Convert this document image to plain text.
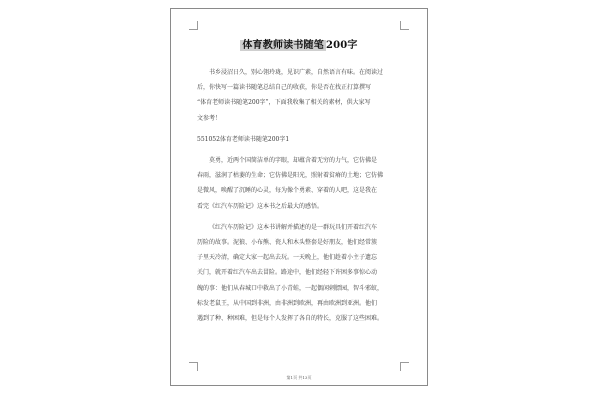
体育教师读书随笔 200字

书乡浸沼日久，别心翎玲珑，见识广素，自然语言有味。在阅读过
后，你快写一篇读书随笔总结自己的收获，你是否在找正打算撰写
“体育老师读书随笔200字”，下面我收集了相关的素材，供大家写
文参考！

551052体育老师读书随笔200字1

莫勇，近两个国简洁单的字眼，却蕴含着无穷的力气，它仿佛是
春雨，滋润了枯萎的生命；它仿佛是阳光，照射着贫瘠的土地；它仿佛
是微风，唤醒了沉睡的心灵，每为像个勇素、穿着的人吧，这是我在
看完《红汽车历险记》这本书之后最大的感悟。

《红汽车历险记》这本书讲解并描述的是一群玩具们开着红汽车
历险的故事。泥狼、小布熊、瓷人和木头整套是好朋友，他们经常簇
子里天冷清，确定大家一起出去玩。一天晚上，他们趁着小主子遗忘
关门，就开着红汽车出去冒险。路途中，他们经轻下许困多事惊心动
魄的事：他们从春城口中救出了小青蛙，一起偶闲刺膘园，智斗邪蚁，
标发老鼠王，从中国到非洲，由非洲到欧洲，再由欧洲到亚洲。他们
遇到了种、种困难，但是每个人发挥了各自的特长，克服了这些困难。

第1页 共13页
